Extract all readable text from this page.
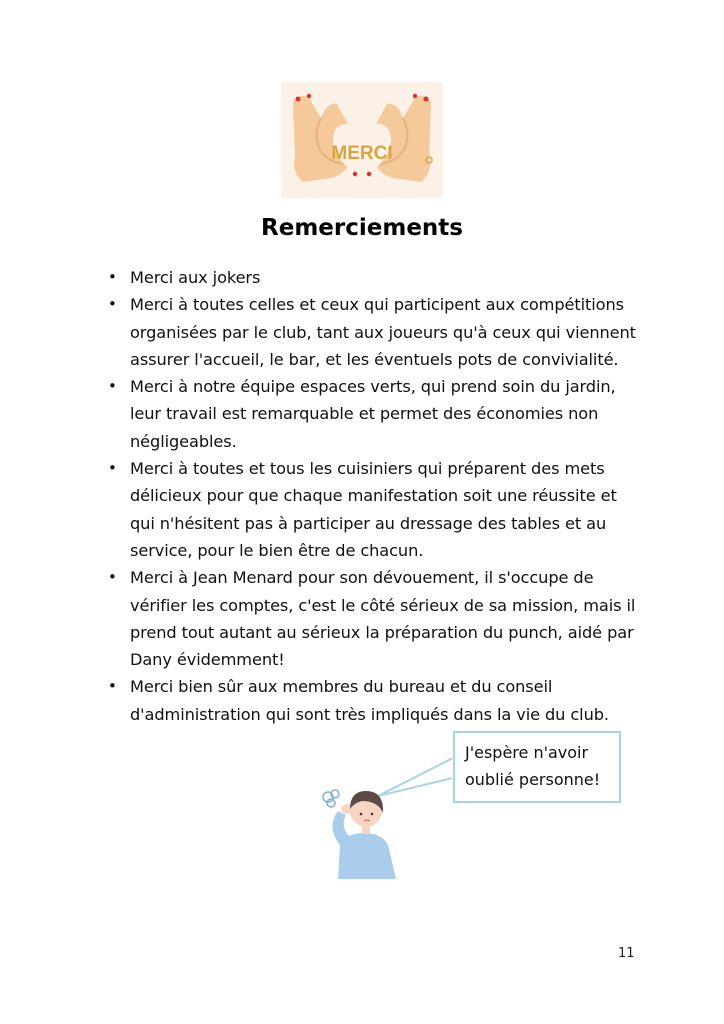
MERCI
Remerciements
• Merci aux jokers
• Merci à toutes celles et ceux qui participent aux compétitions organisées par le club, tant aux joueurs qu'à ceux qui viennent assurer l'accueil, le bar, et les éventuels pots de convivialité.
• Merci à notre équipe espaces verts, qui prend soin du jardin, leur travail est remarquable et permet des économies non négligeables.
• Merci à toutes et tous les cuisiniers qui préparent des mets délicieux pour que chaque manifestation soit une réussite et qui n'hésitent pas à participer au dressage des tables et au service, pour le bien être de chacun.
• Merci à Jean Menard pour son dévouement, il s'occupe de vérifier les comptes, c'est le côté sérieux de sa mission, mais il prend tout autant au sérieux la préparation du punch, aidé par Dany évidemment!
• Merci bien sûr aux membres du bureau et du conseil d'administration qui sont très impliqués dans la vie du club.
J'espère n'avoir oublié personne!
11
